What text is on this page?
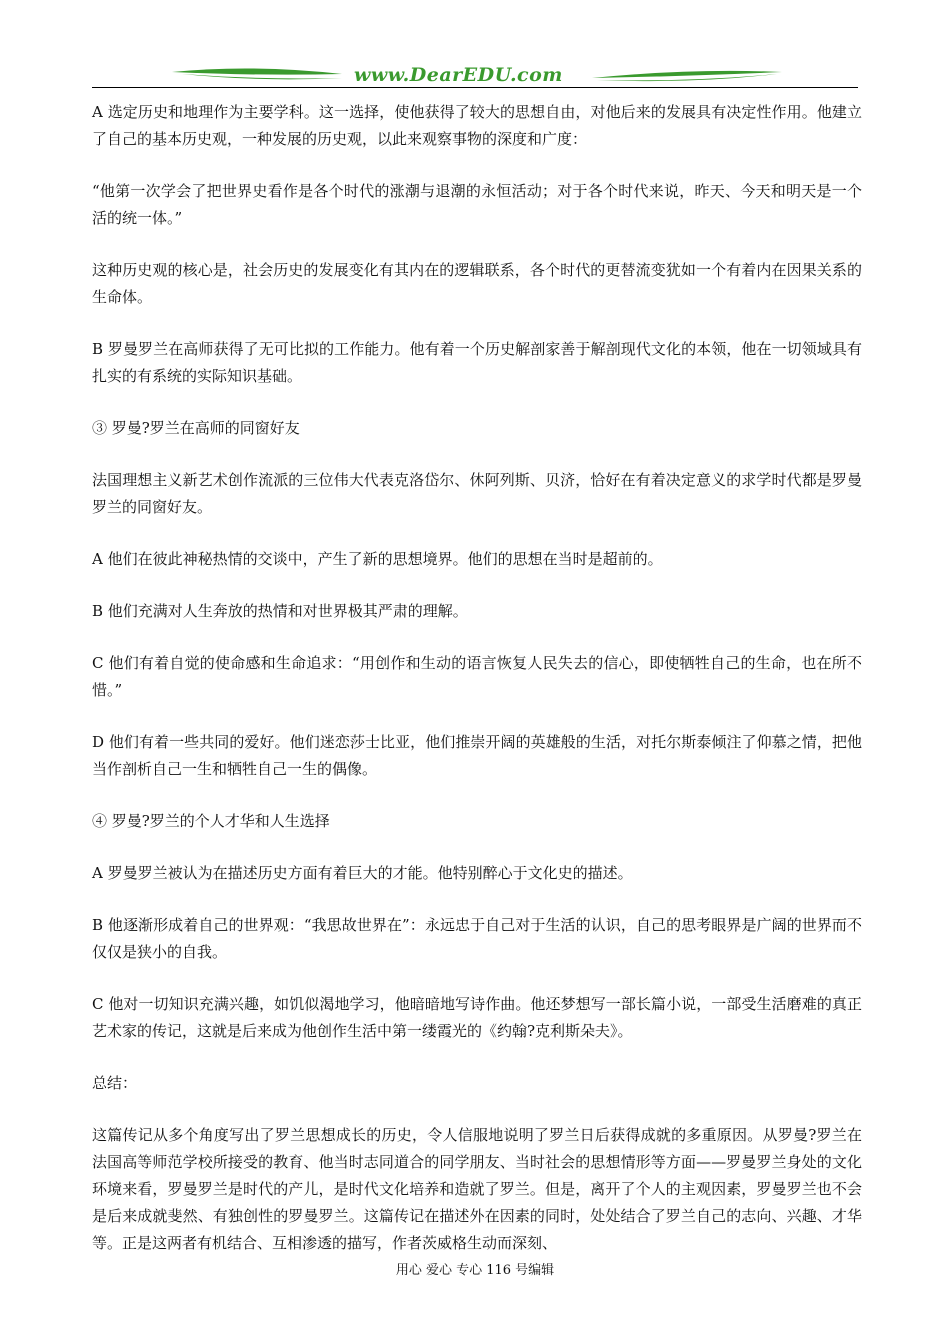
www.DearEDU.com

A 选定历史和地理作为主要学科。这一选择，使他获得了较大的思想自由，对他后来的发展具有决定性作用。他建立了自己的基本历史观，一种发展的历史观，以此来观察事物的深度和广度：

“他第一次学会了把世界史看作是各个时代的涨潮与退潮的永恒活动；对于各个时代来说，昨天、今天和明天是一个活的统一体。”

这种历史观的核心是，社会历史的发展变化有其内在的逻辑联系，各个时代的更替流变犹如一个有着内在因果关系的生命体。

B 罗曼罗兰在高师获得了无可比拟的工作能力。他有着一个历史解剖家善于解剖现代文化的本领，他在一切领域具有扎实的有系统的实际知识基础。

③ 罗曼?罗兰在高师的同窗好友

法国理想主义新艺术创作流派的三位伟大代表克洛岱尔、休阿列斯、贝济，恰好在有着决定意义的求学时代都是罗曼罗兰的同窗好友。

A 他们在彼此神秘热情的交谈中，产生了新的思想境界。他们的思想在当时是超前的。

B 他们充满对人生奔放的热情和对世界极其严肃的理解。

C 他们有着自觉的使命感和生命追求：“用创作和生动的语言恢复人民失去的信心，即使牺牲自己的生命，也在所不惜。”

D 他们有着一些共同的爱好。他们迷恋莎士比亚，他们推崇开阔的英雄般的生活，对托尔斯泰倾注了仰慕之情，把他当作剖析自己一生和牺牲自己一生的偶像。

④ 罗曼?罗兰的个人才华和人生选择

A 罗曼罗兰被认为在描述历史方面有着巨大的才能。他特别醉心于文化史的描述。

B 他逐渐形成着自己的世界观：“我思故世界在”：永远忠于自己对于生活的认识，自己的思考眼界是广阔的世界而不仅仅是狭小的自我。

C 他对一切知识充满兴趣，如饥似渴地学习，他暗暗地写诗作曲。他还梦想写一部长篇小说，一部受生活磨难的真正艺术家的传记，这就是后来成为他创作生活中第一缕霞光的《约翰?克利斯朵夫》。

总结：

这篇传记从多个角度写出了罗兰思想成长的历史，令人信服地说明了罗兰日后获得成就的多重原因。从罗曼?罗兰在法国高等师范学校所接受的教育、他当时志同道合的同学朋友、当时社会的思想情形等方面——罗曼罗兰身处的文化环境来看，罗曼罗兰是时代的产儿，是时代文化培养和造就了罗兰。但是，离开了个人的主观因素，罗曼罗兰也不会是后来成就斐然、有独创性的罗曼罗兰。这篇传记在描述外在因素的同时，处处结合了罗兰自己的志向、兴趣、才华等。正是这两者有机结合、互相渗透的描写，作者茨威格生动而深刻、

用心 爱心 专心 116 号编辑
